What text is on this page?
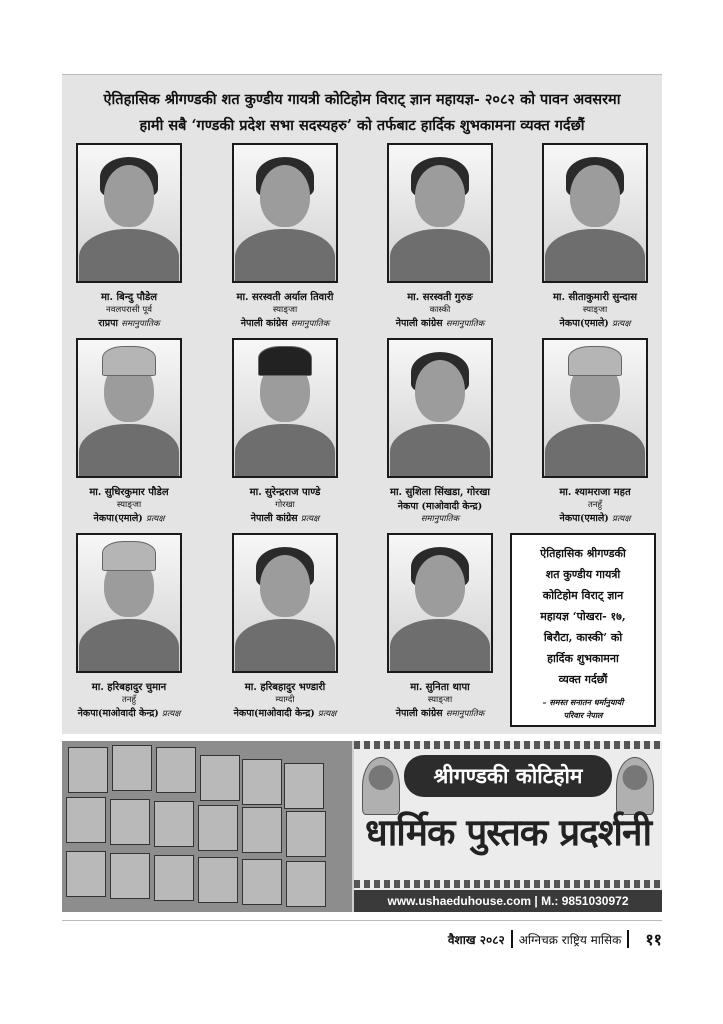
ऐतिहासिक श्रीगण्डकी शत कुण्डीय गायत्री कोटिहोम विराट् ज्ञान महायज्ञ- २०८२ को पावन अवसरमा
हामी सबै ‘गण्डकी प्रदेश सभा सदस्यहरु’ को तर्फबाट हार्दिक शुभकामना व्यक्त गर्दछौं
मा. बिन्दु पौडेल
नवलपरासी पूर्व
राप्रपा समानुपातिक
मा. सरस्वती अर्याल तिवारी
स्याङ्जा
नेपाली कांग्रेस समानुपातिक
मा. सरस्वती गुरुङ
कास्की
नेपाली कांग्रेस समानुपातिक
मा. सीताकुमारी सुन्दास
स्याङ्जा
नेकपा(एमाले) प्रत्यक्ष
मा. सुधिरकुमार पौडेल
स्याङ्जा
नेकपा(एमाले) प्रत्यक्ष
मा. सुरेन्द्रराज पाण्डे
गोरखा
नेपाली कांग्रेस प्रत्यक्ष
मा. सुशिला सिंखडा, गोरखा
नेकपा (माओवादी केन्द्र)
समानुपातिक
मा. श्यामराजा महत
तनहुँ
नेकपा(एमाले) प्रत्यक्ष
मा. हरिबहादुर चुमान
तनहुँ
नेकपा(माओवादी केन्द्र) प्रत्यक्ष
मा. हरिबहादुर भण्डारी
म्याग्दी
नेकपा(माओवादी केन्द्र) प्रत्यक्ष
मा. सुनिता थापा
स्याङ्जा
नेपाली कांग्रेस समानुपातिक
ऐतिहासिक श्रीगण्डकी
शत कुण्डीय गायत्री
कोटिहोम विराट् ज्ञान
महायज्ञ ‘पोखरा- १७,
बिरौटा, कास्की’ को
हार्दिक शुभकामना
व्यक्त गर्दछौं
– समस्त सनातन धर्मानुयायी
परिवार नेपाल
श्रीगण्डकी कोटिहोम
धार्मिक पुस्तक प्रदर्शनी
www.ushaeduhouse.com | M.: 9851030972
वैशाख २०८२ अग्निचक्र राष्ट्रिय मासिक ११
